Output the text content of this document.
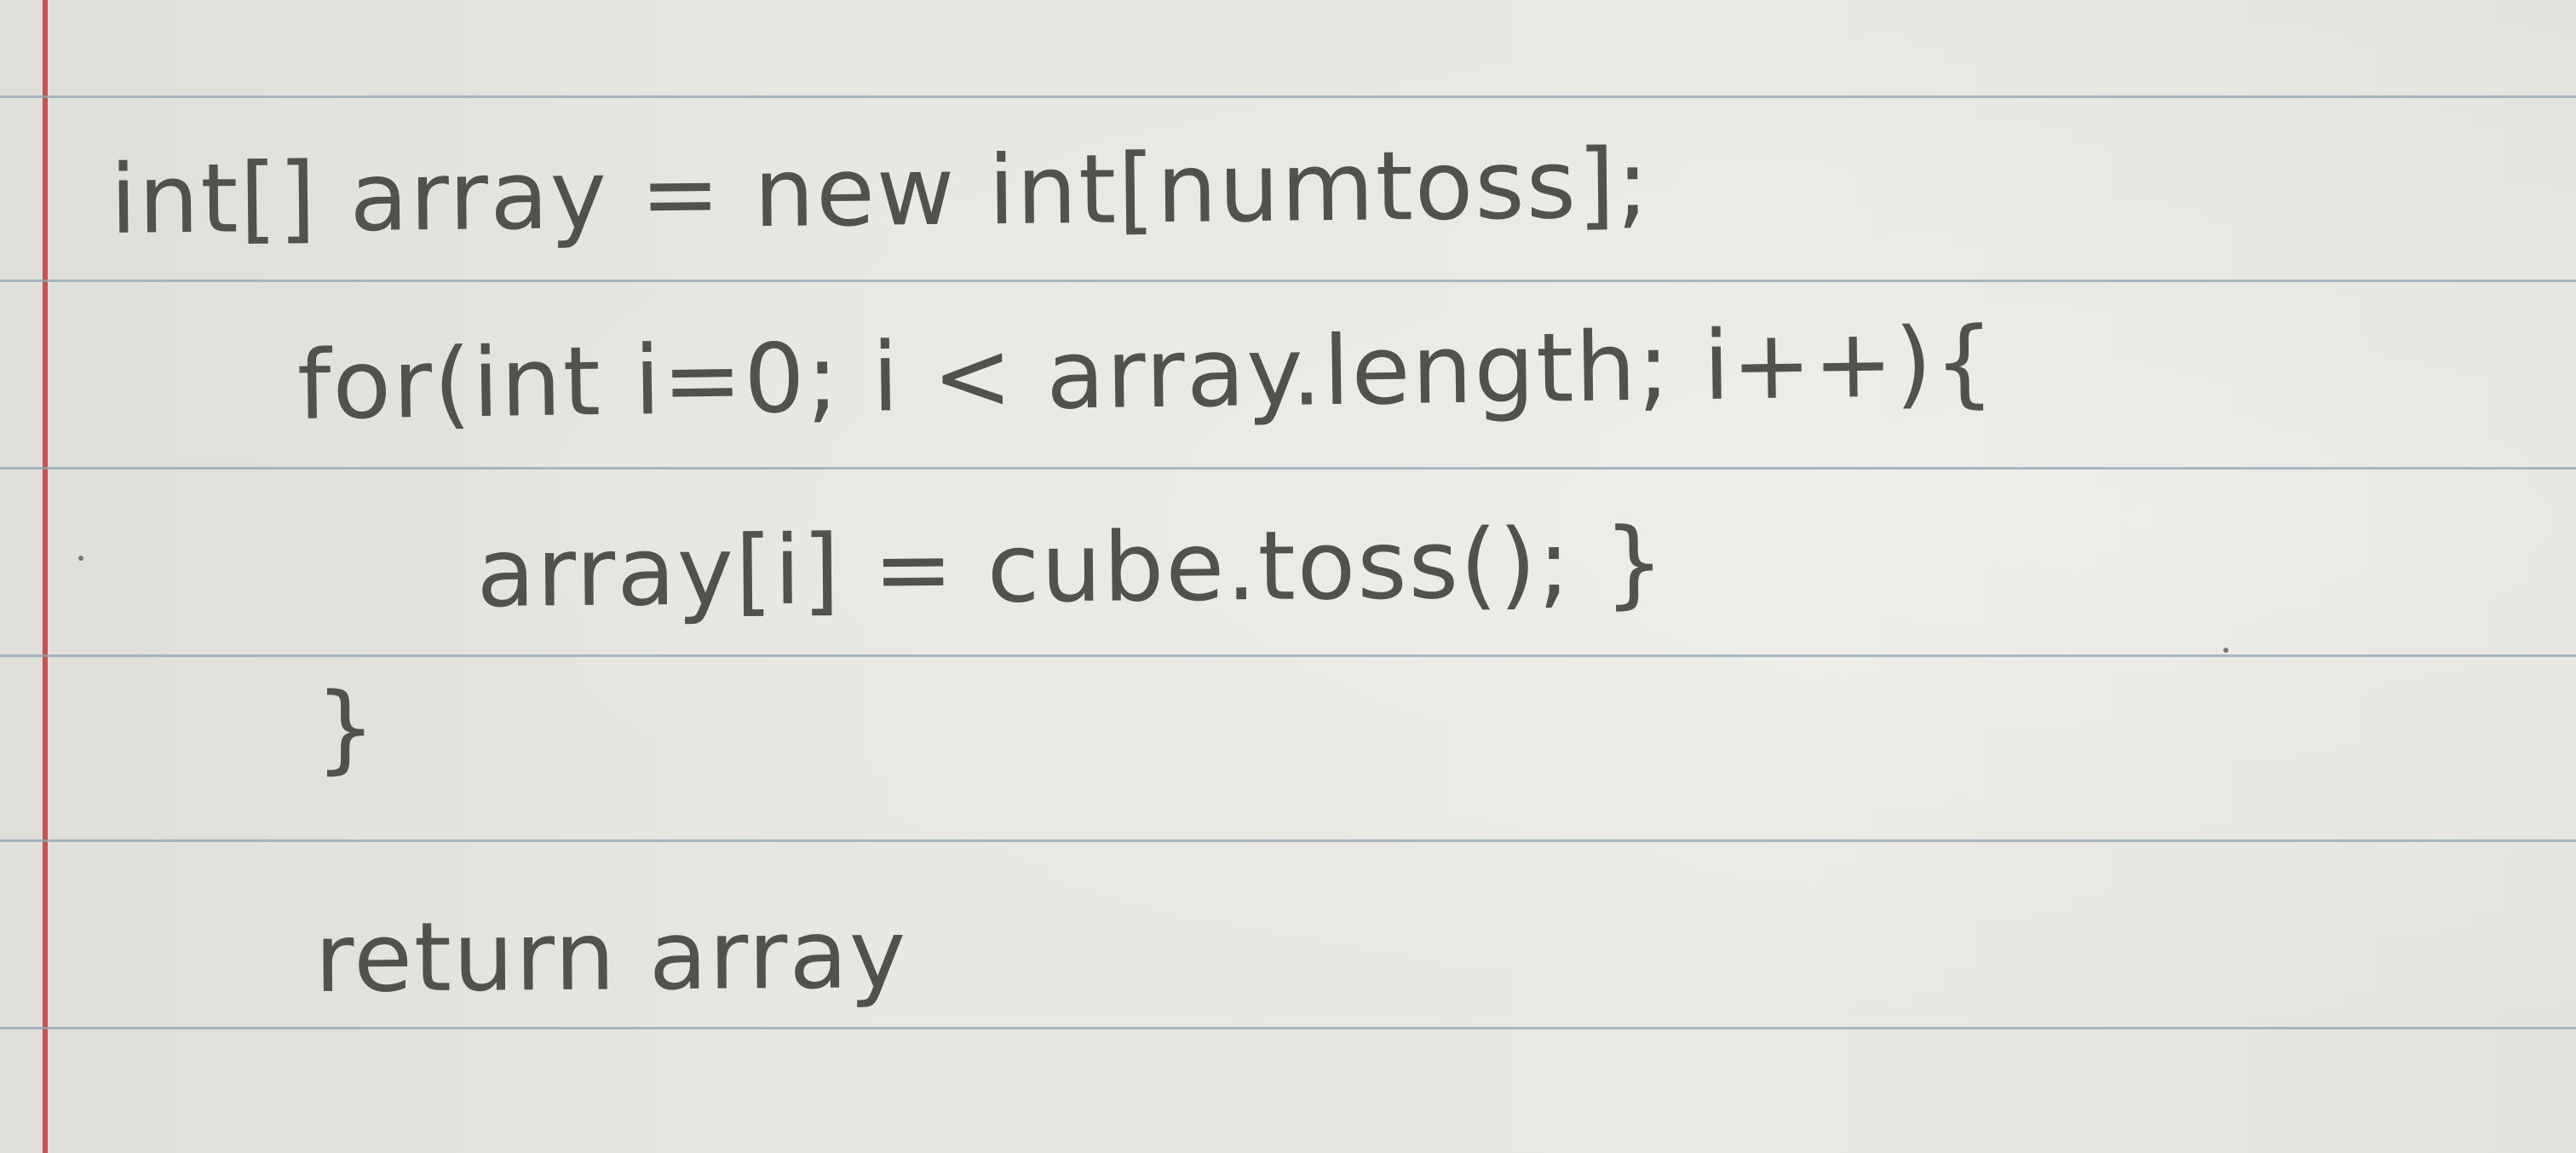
int[] array = new int[numtoss];

for(int i=0; i < array.length; i++){

array[i] = cube.toss(); }

}

return array
